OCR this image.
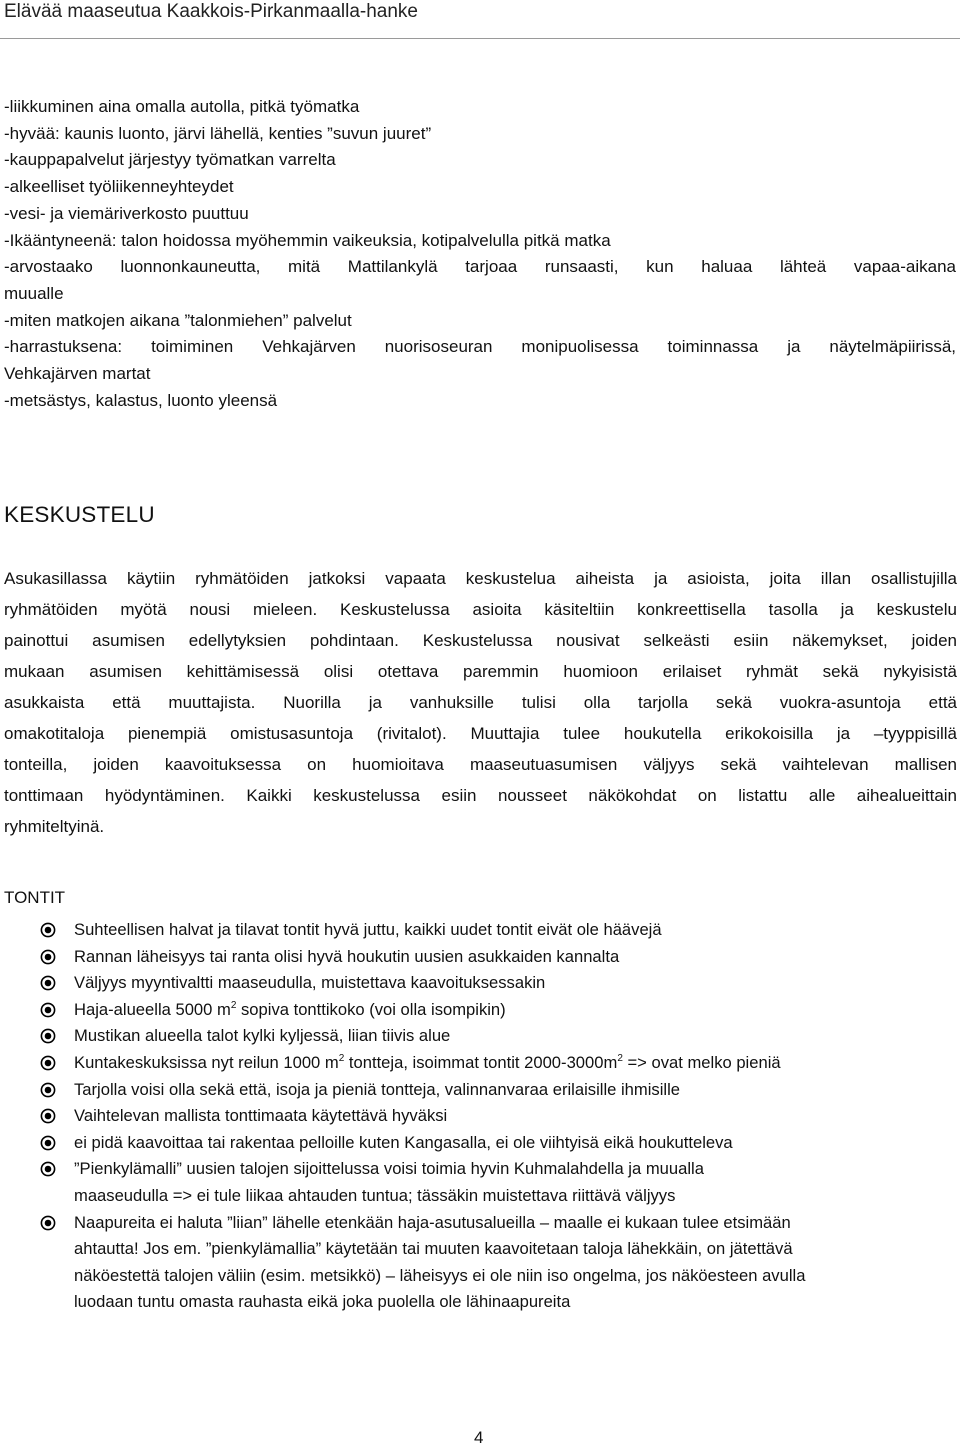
Elävää maaseutua Kaakkois-Pirkanmaalla-hanke
-liikkuminen aina omalla autolla, pitkä työmatka
-hyvää: kaunis luonto, järvi lähellä, kenties ”suvun juuret”
-kauppapalvelut järjestyy työmatkan varrelta
-alkeelliset työliikenneyhteydet
-vesi- ja viemäriverkosto puuttuu
-Ikääntyneenä: talon hoidossa myöhemmin vaikeuksia, kotipalvelulla pitkä matka
-arvostaako luonnonkauneutta, mitä Mattilankylä tarjoaa runsaasti, kun haluaa lähteä vapaa-aikana
muualle
-miten matkojen aikana ”talonmiehen” palvelut
-harrastuksena: toimiminen Vehkajärven nuorisoseuran monipuolisessa toiminnassa ja näytelmäpiirissä,
Vehkajärven martat
-metsästys, kalastus, luonto yleensä
KESKUSTELU
Asukasillassa käytiin ryhmätöiden jatkoksi vapaata keskustelua aiheista ja asioista, joita illan osallistujilla
ryhmätöiden myötä nousi mieleen. Keskustelussa asioita käsiteltiin konkreettisella tasolla ja keskustelu
painottui asumisen edellytyksien pohdintaan. Keskustelussa nousivat selkeästi esiin näkemykset, joiden
mukaan asumisen kehittämisessä olisi otettava paremmin huomioon erilaiset ryhmät sekä nykyisistä
asukkaista että muuttajista. Nuorilla ja vanhuksille tulisi olla tarjolla sekä vuokra-asuntoja että
omakotitaloja pienempiä omistusasuntoja (rivitalot). Muuttajia tulee houkutella erikokoisilla ja –tyyppisillä
tonteilla, joiden kaavoituksessa on huomioitava maaseutuasumisen väljyys sekä vaihtelevan mallisen
tonttimaan hyödyntäminen. Kaikki keskustelussa esiin nousseet näkökohdat on listattu alle aihealueittain
ryhmiteltyinä.
TONTIT
Suhteellisen halvat ja tilavat tontit hyvä juttu, kaikki uudet tontit eivät ole häävejä
Rannan läheisyys tai ranta olisi hyvä houkutin uusien asukkaiden kannalta
Väljyys myyntivaltti maaseudulla, muistettava kaavoituksessakin
Haja-alueella 5000 $m^2$ sopiva tonttikoko (voi olla isompikin)
Mustikan alueella talot kylki kyljessä, liian tiivis alue
Kuntakeskuksissa nyt reilun 1000 $m^2$ tontteja, isoimmat tontit $2000-3000m^2$ => ovat melko pieniä
Tarjolla voisi olla sekä että, isoja ja pieniä tontteja, valinnanvaraa erilaisille ihmisille
Vaihtelevan mallista tonttimaata käytettävä hyväksi
ei pidä kaavoittaa tai rakentaa pelloille kuten Kangasalla, ei ole viihtyisä eikä houkutteleva
”Pienkylämalli” uusien talojen sijoittelussa voisi toimia hyvin Kuhmalahdella ja muualla
maaseudulla => ei tule liikaa ahtauden tuntua; tässäkin muistettava riittävä väljyys
Naapureita ei haluta ”liian” lähelle etenkään haja-asutusalueilla – maalle ei kukaan tulee etsimään
ahtautta! Jos em. ”pienkylämallia” käytetään tai muuten kaavoitetaan taloja lähekkäin, on jätettävä
näköestettä talojen väliin (esim. metsikkö) – läheisyys ei ole niin iso ongelma, jos näköesteen avulla
luodaan tuntu omasta rauhasta eikä joka puolella ole lähinaapureita
4
